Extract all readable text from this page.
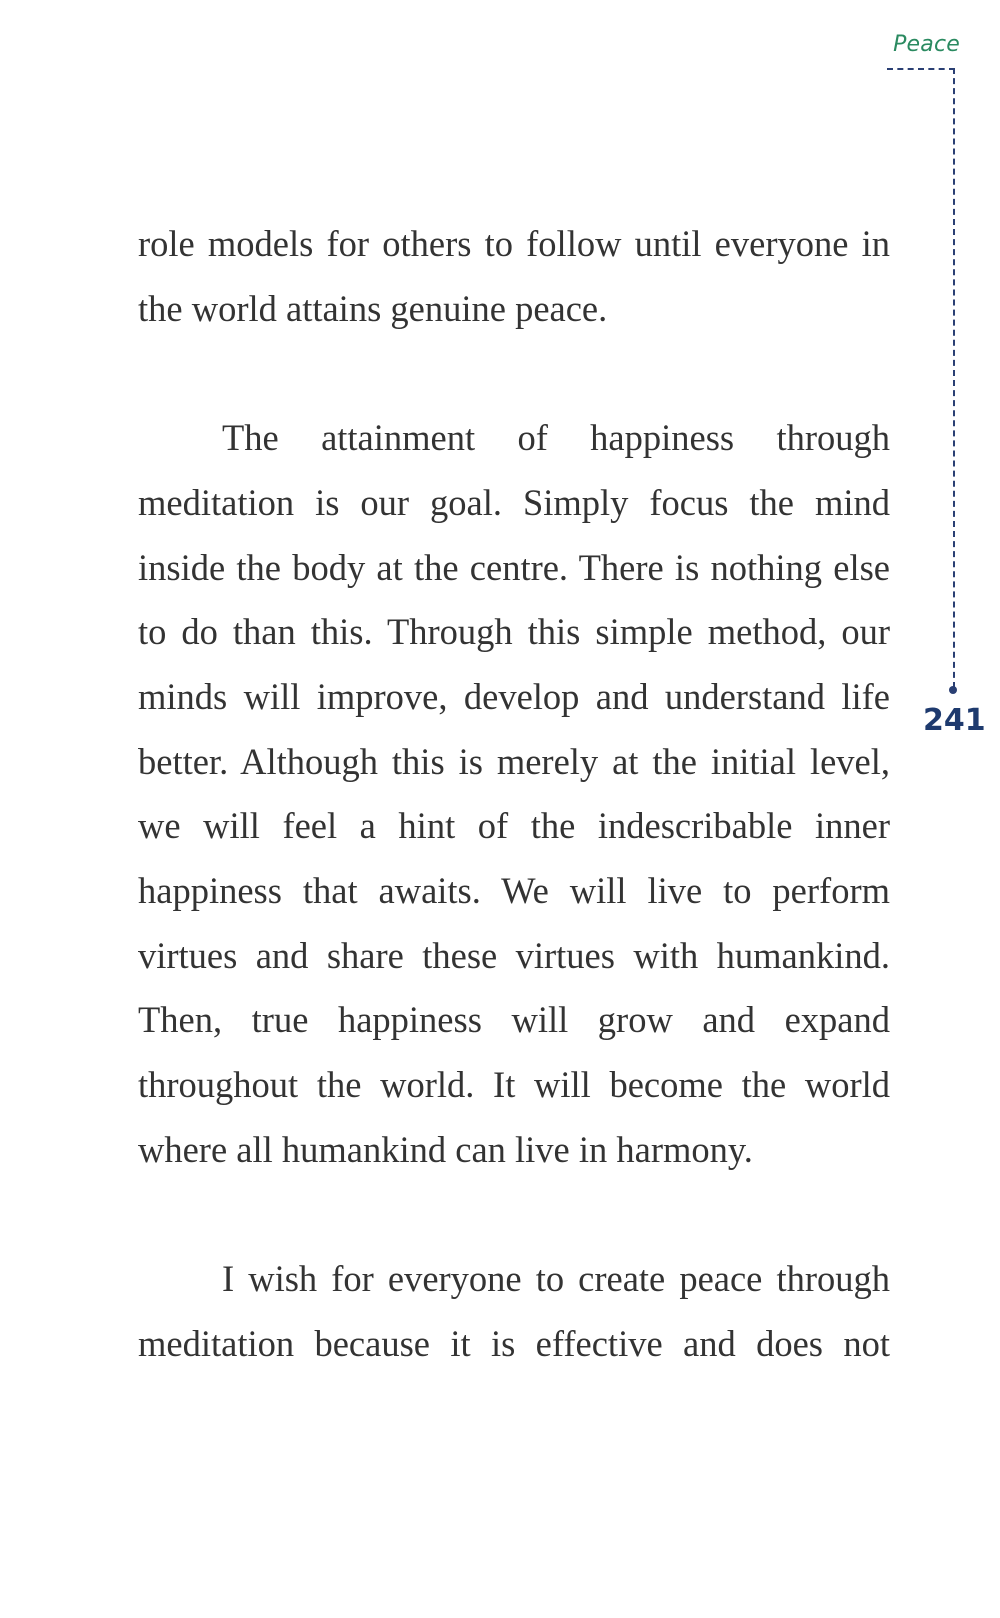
Peace
241

role models for others to follow until everyone in the world attains genuine peace.

The attainment of happiness through meditation is our goal. Simply focus the mind inside the body at the centre. There is nothing else to do than this. Through this simple method, our minds will improve, develop and understand life better. Although this is merely at the initial level, we will feel a hint of the indescribable inner happiness that awaits. We will live to perform virtues and share these virtues with humankind. Then, true happiness will grow and expand throughout the world. It will become the world where all humankind can live in harmony.

I wish for everyone to create peace through meditation because it is effective and does not
